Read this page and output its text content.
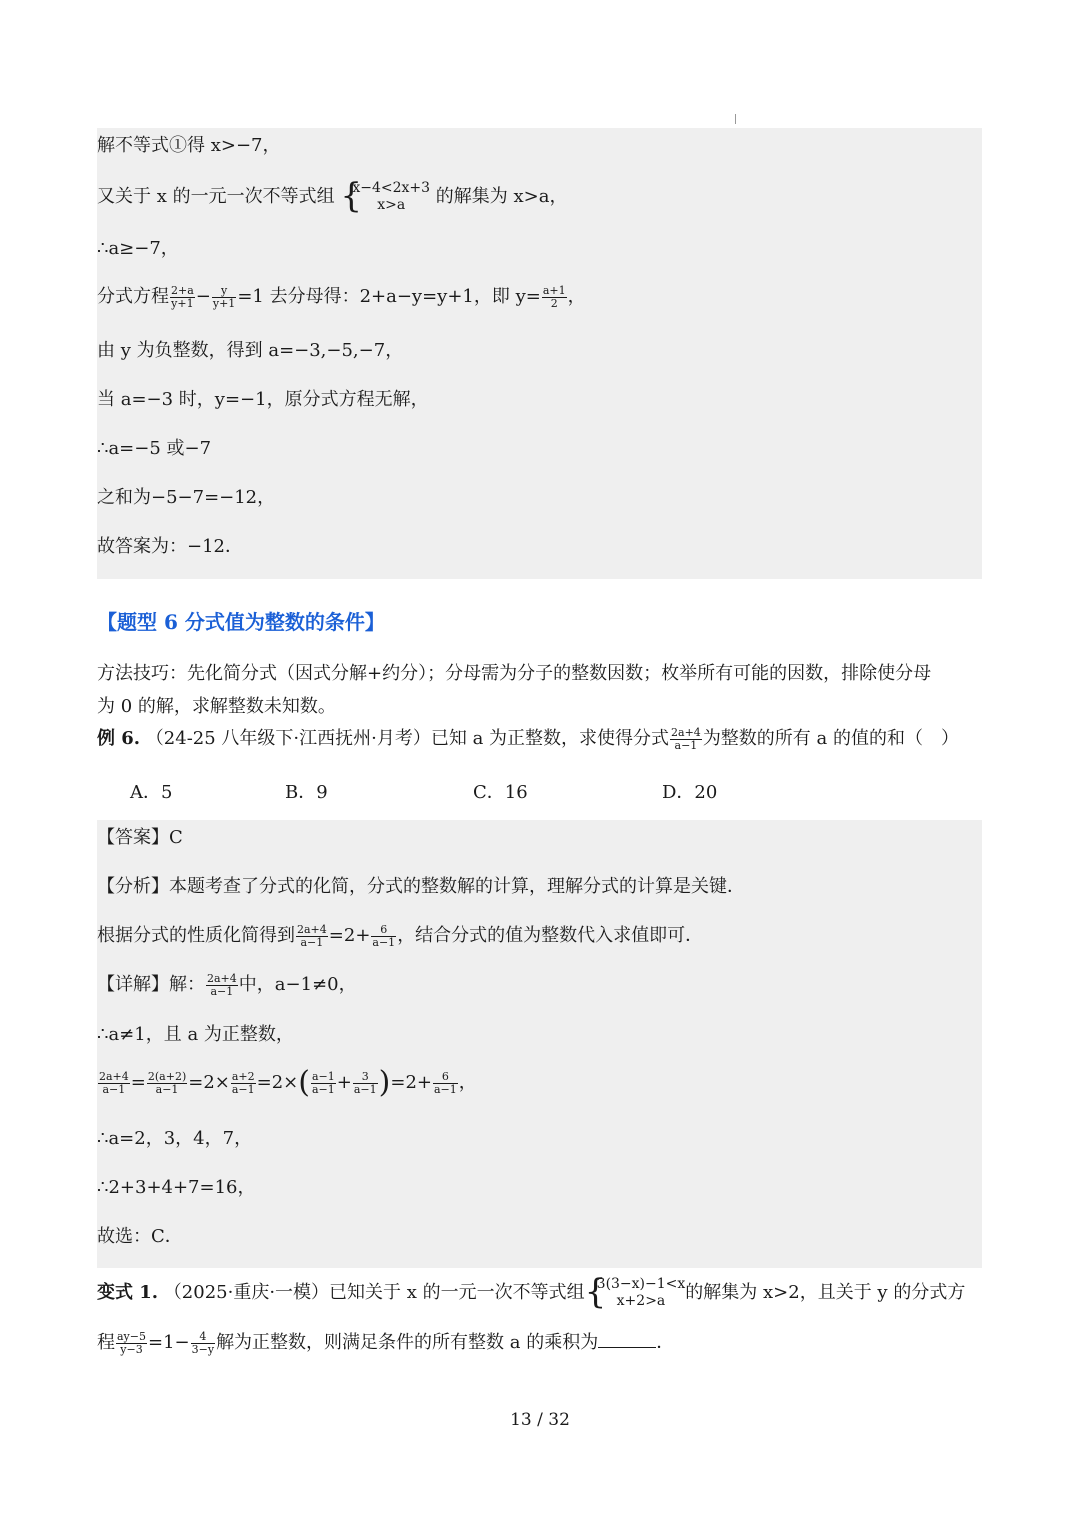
解不等式①得 x>−7，
又关于 x 的一元一次不等式组 {
x−4<2x+3
x>a	的解集为 x>a，
∴a≥−7，
分式方程 $\frac{2+a}{y+1} - \frac{y}{y+1} =1$ 去分母得：2+a−y=y+1，即 $y= \frac{a+1}{2}$ ，
由 y 为负整数，得到 a=−3,−5,−7，
当 a=−3 时，y=−1，原分式方程无解，
∴a=−5 或−7
之和为−5−7=−12，
故答案为：−12．
【题型 6 分式值为整数的条件】
方法技巧：先化简分式（因式分解+约分）；分母需为分子的整数因数；枚举所有可能的因数，排除使分母
为 0 的解，求解整数未知数。
例 6. （24-25 八年级下·江西抚州·月考）已知 a 为正整数，求使得分式 $\frac{2a+4}{a-1}$ 为整数的所有 a 的值的和（　）
A．5	B．9	C．16	D．20
【答案】C
【分析】本题考查了分式的化简，分式的整数解的计算，理解分式的计算是关键．
根据分式的性质化简得到 $\frac{2a+4}{a-1} =2+ \frac{6}{a-1}$ ，结合分式的值为整数代入求值即可．
【详解】解： $\frac{2a+4}{a-1}$ 中，a−1≠0，
∴a≠1，且 a 为正整数，
$\frac{2a+4}{a-1} = \frac{2(a+2)}{a-1} =2\times \frac{a+2}{a-1} =2\times( \frac{a-1}{a-1} + \frac{3}{a-1} )=2+ \frac{6}{a-1}$ ，
∴a=2，3，4，7，
∴2+3+4+7=16，
故选：C．
变式 1. （2025·重庆·一模）已知关于 x 的一元一次不等式组 {
3(3−x)−1<x
x+2>a	的解集为 x>2，且关于 y 的分式方
程 $\frac{ay-5}{y-3} =1- \frac{4}{3-y}$ 解为正整数，则满足条件的所有整数 a 的乘积为	．
13 / 32
